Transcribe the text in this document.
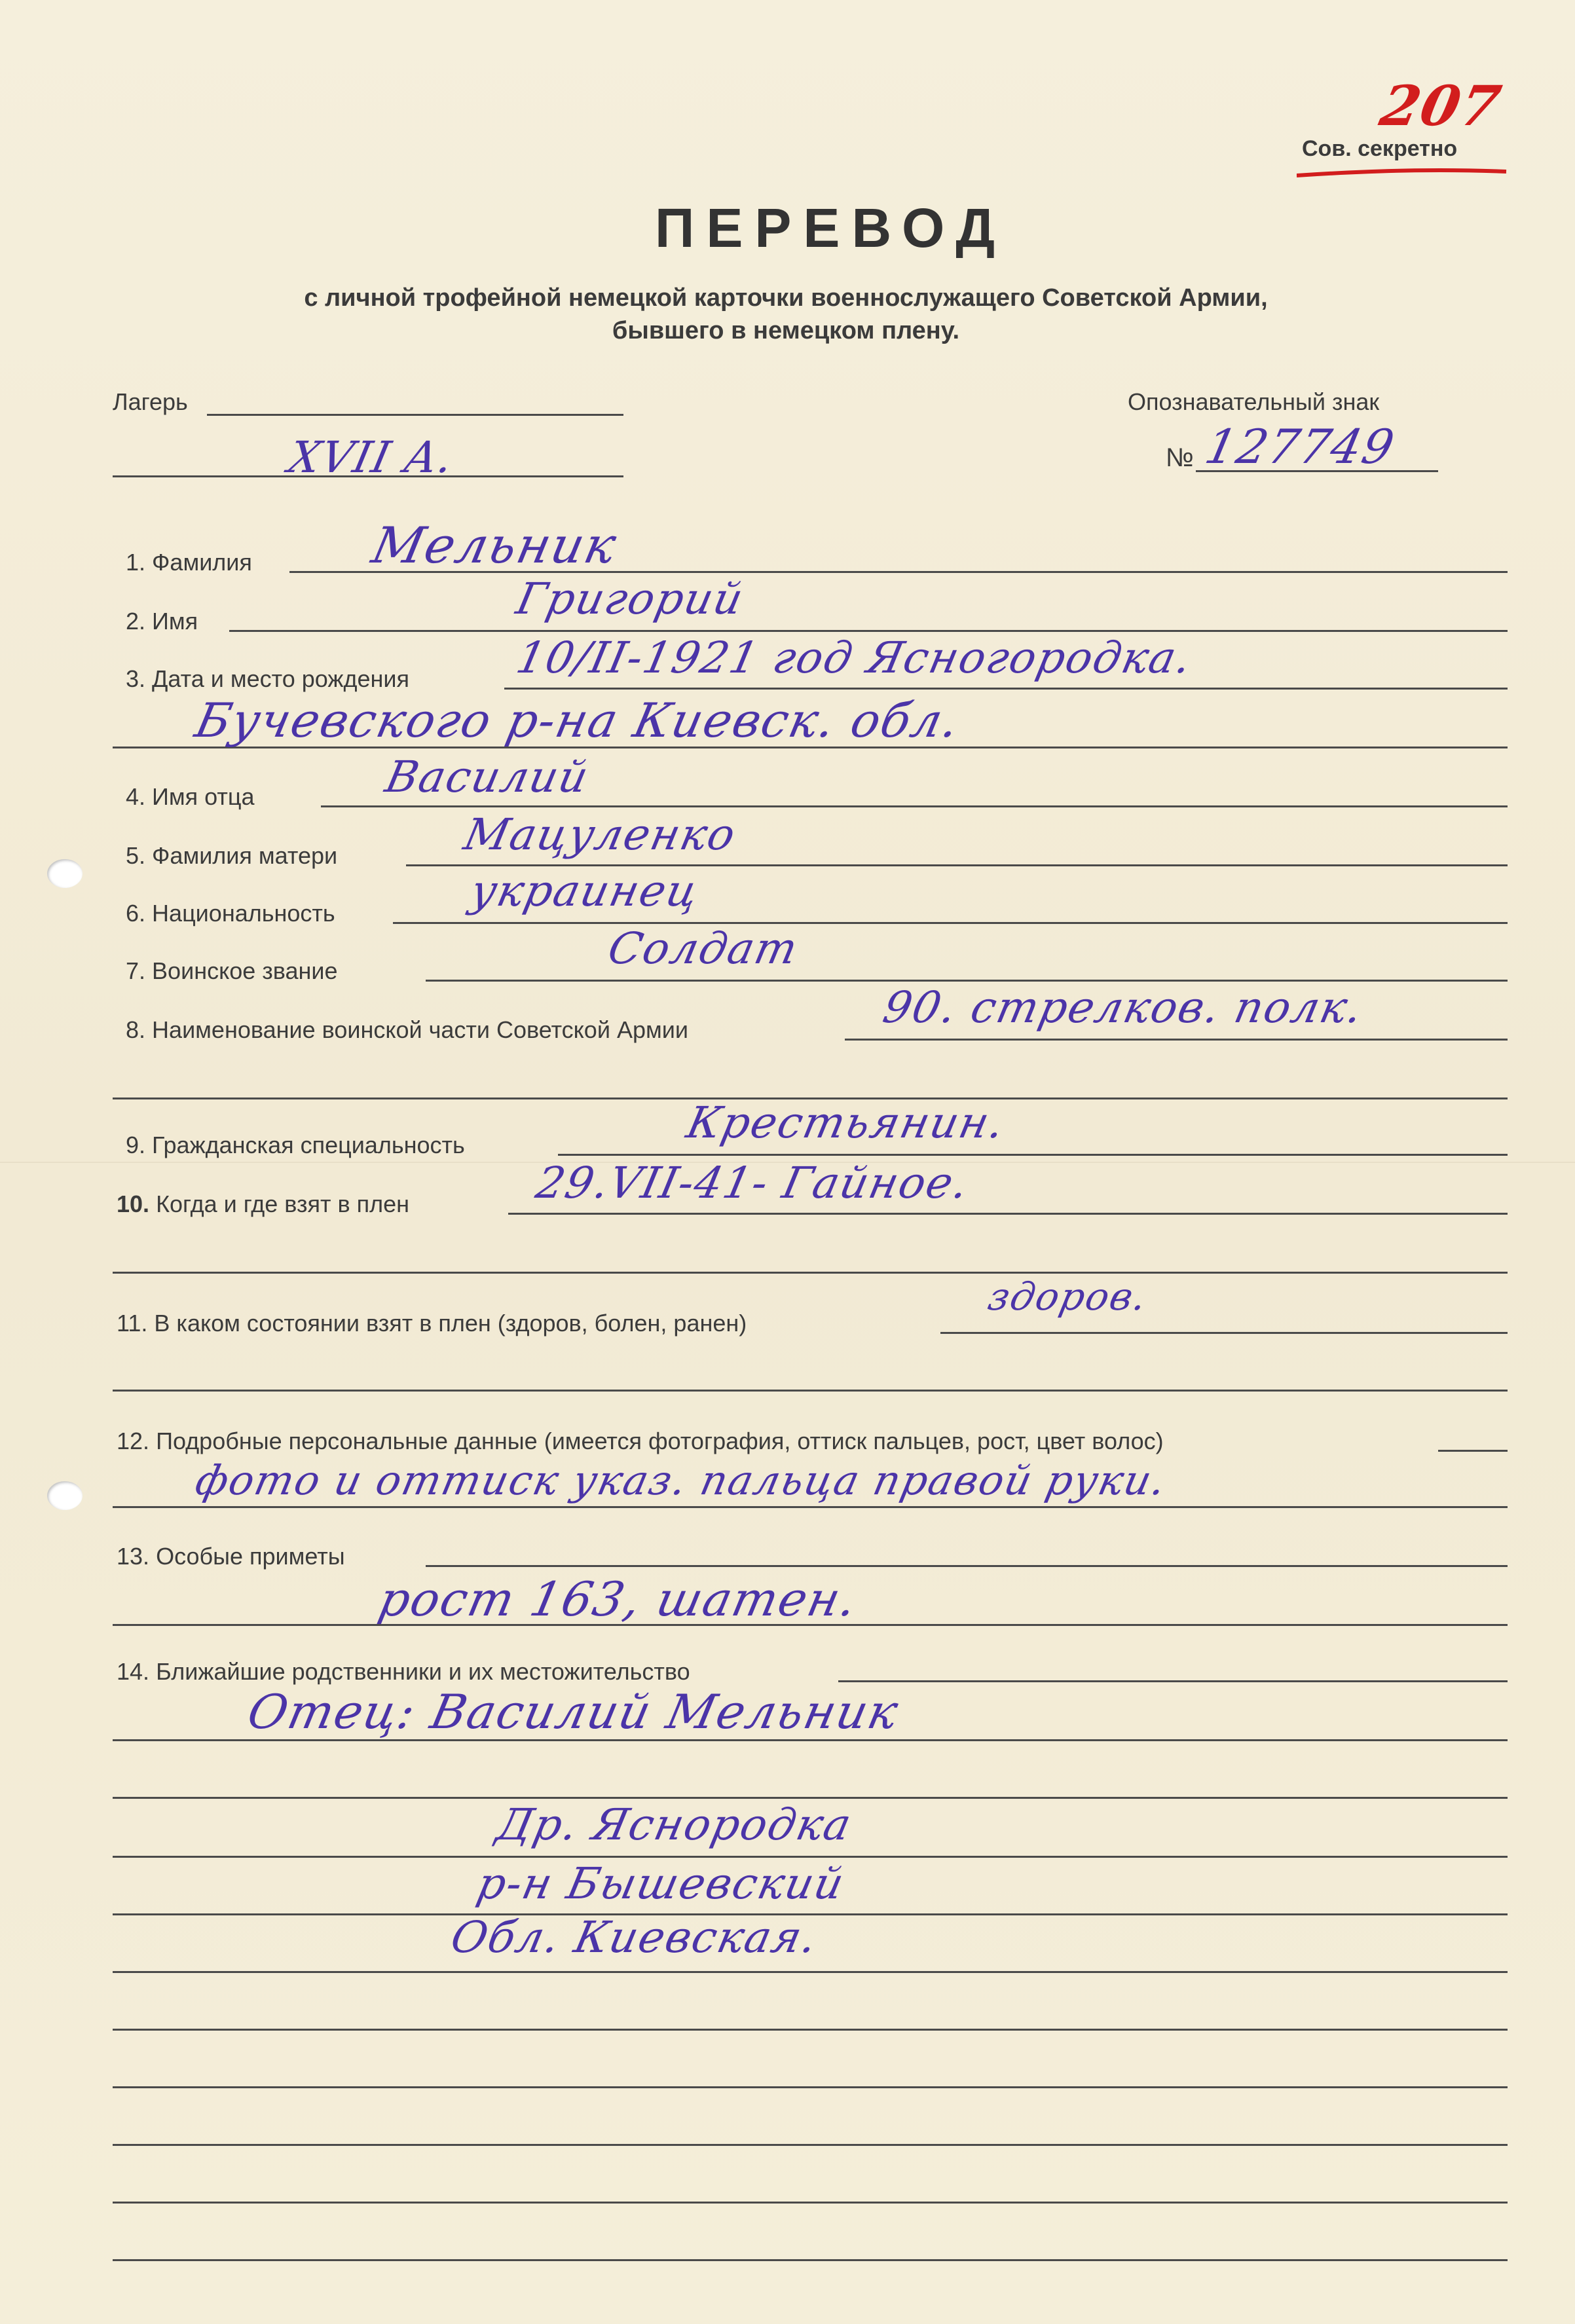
207
Сов. секретно
ПЕРЕВОД
с личной трофейной немецкой карточки военнослужащего Советской Армии,
бывшего в немецком плену.
Лагерь
XVII A.
Опознавательный знак
№ 127749
1. Фамилия Мельник
2. Имя	Григорий
3. Дата и место рождения 10/II-1921 год Ясногородка.
Бучевского р-на Киевск. обл.
4. Имя отца	Василий
5. Фамилия матери	Мацуленко
6. Национальность	украинец
7. Воинское звание	Солдат
8. Наименование воинской части Советской Армии	90. стрелков. полк.
9. Гражданская специальность	Крестьянин.
10. Когда и где взят в плен	29.VII-41- Гайное.
11. В каком состоянии взят в плен (здоров, болен, ранен)
здоров.
12. Подробные персональные данные (имеется фотография, оттиск пальцев, рост, цвет волос)
фото и оттиск указ. пальца правой руки.
13. Особые приметы
рост 163, шатен.
14. Ближайшие родственники и их местожительство
Отец: Василий Мельник
Др. Яснородка
р-н Бышевский
Обл. Киевская.
